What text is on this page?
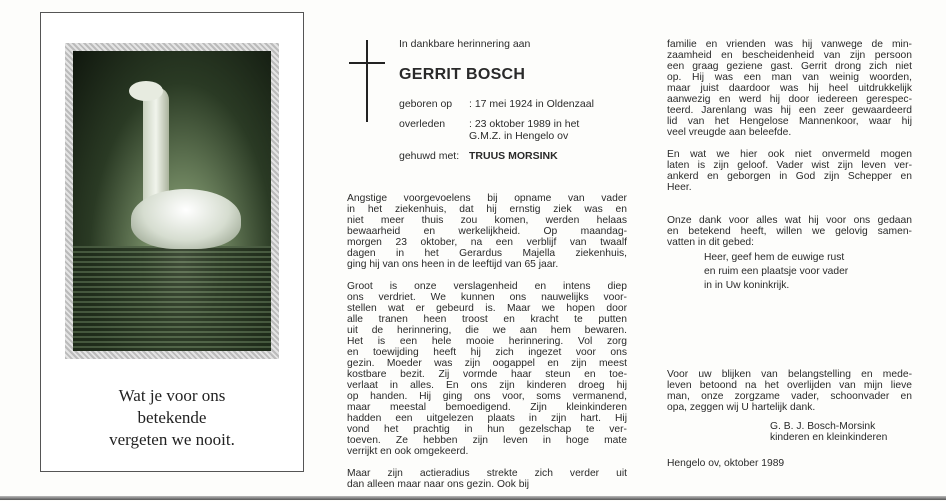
Wat je voor ons
betekende
vergeten we nooit.
In dankbare herinnering aan
GERRIT BOSCH
geboren op : 17 mei 1924 in Oldenzaal
overleden : 23 oktober 1989 in het
G.M.Z. in Hengelo ov
gehuwd met: TRUUS MORSINK
Angstige voorgevoelens bij opname van vader
in het ziekenhuis, dat hij ernstig ziek was en
niet meer thuis zou komen, werden helaas
bewaarheid en werkelijkheid. Op maandag-
morgen 23 oktober, na een verblijf van twaalf
dagen in het Gerardus Majella ziekenhuis,
ging hij van ons heen in de leeftijd van 65 jaar.
Groot is onze verslagenheid en intens diep
ons verdriet. We kunnen ons nauwelijks voor-
stellen wat er gebeurd is. Maar we hopen door
alle tranen heen troost en kracht te putten
uit de herinnering, die we aan hem bewaren.
Het is een hele mooie herinnering. Vol zorg
en toewijding heeft hij zich ingezet voor ons
gezin. Moeder was zijn oogappel en zijn meest
kostbare bezit. Zij vormde haar steun en toe-
verlaat in alles. En ons zijn kinderen droeg hij
op handen. Hij ging ons voor, soms vermanend,
maar meestal bemoedigend. Zijn kleinkinderen
hadden een uitgelezen plaats in zijn hart. Hij
vond het prachtig in hun gezelschap te ver-
toeven. Ze hebben zijn leven in hoge mate
verrijkt en ook omgekeerd.
Maar zijn actieradius strekte zich verder uit
dan alleen maar naar ons gezin. Ook bij
familie en vrienden was hij vanwege de min-
zaamheid en bescheidenheid van zijn persoon
een graag geziene gast. Gerrit drong zich niet
op. Hij was een man van weinig woorden,
maar juist daardoor was hij heel uitdrukkelijk
aanwezig en werd hij door iedereen gerespec-
teerd. Jarenlang was hij een zeer gewaardeerd
lid van het Hengelose Mannenkoor, waar hij
veel vreugde aan beleefde.
En wat we hier ook niet onvermeld mogen
laten is zijn geloof. Vader wist zijn leven ver-
ankerd en geborgen in God zijn Schepper en
Heer.
Onze dank voor alles wat hij voor ons gedaan
en betekend heeft, willen we gelovig samen-
vatten in dit gebed:
Heer, geef hem de euwige rust
en ruim een plaatsje voor vader
in in Uw koninkrijk.
Voor uw blijken van belangstelling en mede-
leven betoond na het overlijden van mijn lieve
man, onze zorgzame vader, schoonvader en
opa, zeggen wij U hartelijk dank.
G. B. J. Bosch-Morsink
kinderen en kleinkinderen
Hengelo ov, oktober 1989
